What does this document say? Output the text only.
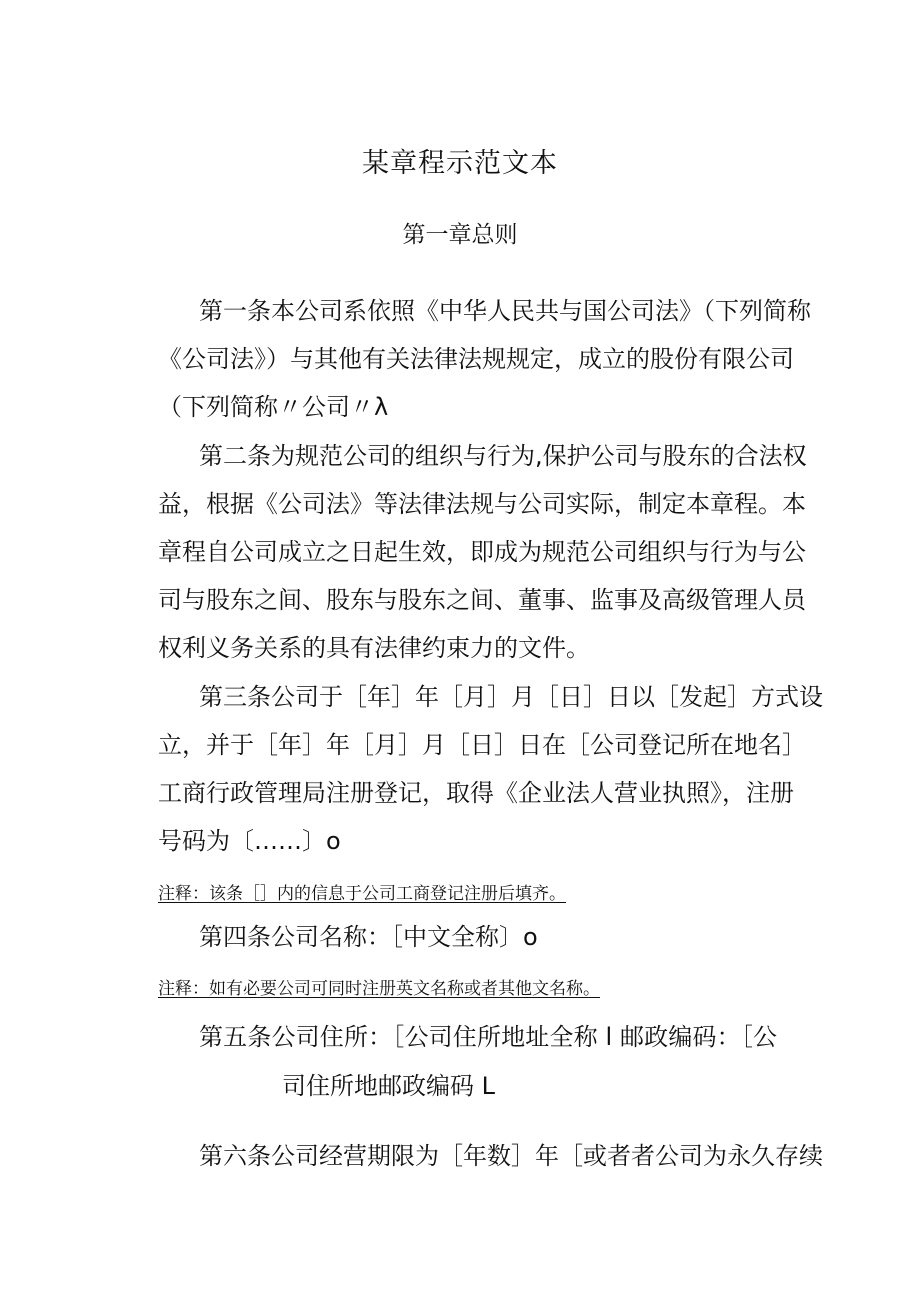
某章程示范文本
第一章总则
第一条本公司系依照《中华人民共与国公司法》（下列简称
《公司法》）与其他有关法律法规规定，成立的股份有限公司
（下列简称〃公司〃λ
第二条为规范公司的组织与行为,保护公司与股东的合法权
益，根据《公司法》等法律法规与公司实际，制定本章程。本
章程自公司成立之日起生效，即成为规范公司组织与行为与公
司与股东之间、股东与股东之间、董事、监事及高级管理人员
权利义务关系的具有法律约束力的文件。
第三条公司于［年］年［月］月［日］日以［发起］方式设
立，并于［年］年［月］月［日］日在［公司登记所在地名］
工商行政管理局注册登记，取得《企业法人营业执照》，注册
号码为〔……〕o
注释：该条［］内的信息于公司工商登记注册后填齐。
第四条公司名称：［中文全称〕o
注释：如有必要公司可同时注册英文名称或者其他文名称。
第五条公司住所：［公司住所地址全称 l 邮政编码：［公
司住所地邮政编码 L
第六条公司经营期限为［年数］年［或者者公司为永久存续
